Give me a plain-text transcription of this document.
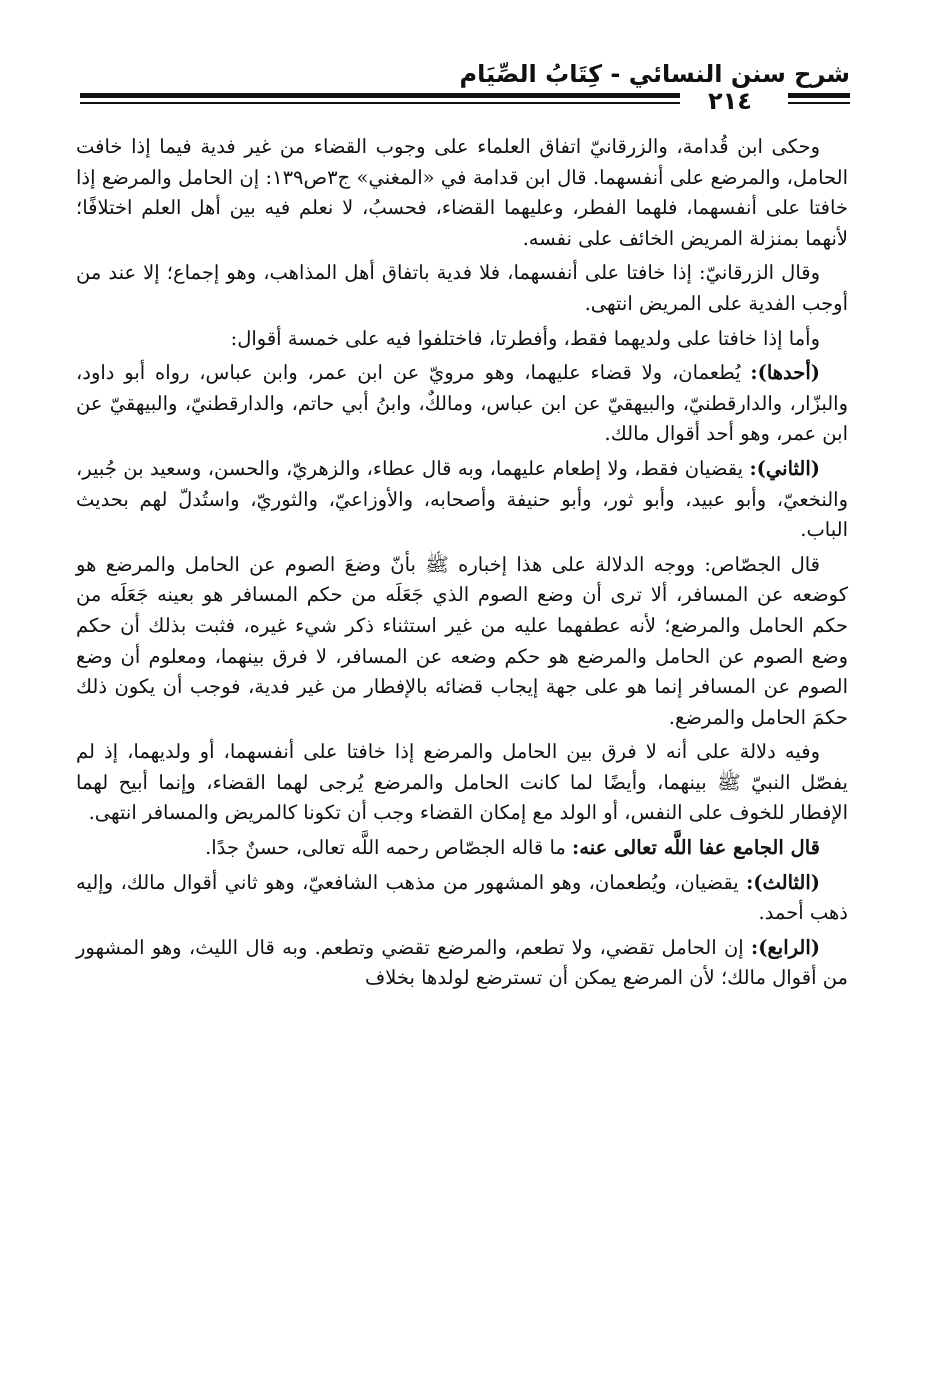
شرح سنن النسائي - كِتَابُ الصِّيَام
٢١٤

وحكى ابن قُدامة، والزرقانيّ اتفاق العلماء على وجوب القضاء من غير فدية فيما إذا خافت الحامل، والمرضع على أنفسهما. قال ابن قدامة في «المغني» ج٣ص١٣٩: إن الحامل والمرضع إذا خافتا على أنفسهما، فلهما الفطر، وعليهما القضاء، فحسبُ، لا نعلم فيه بين أهل العلم اختلافًا؛ لأنهما بمنزلة المريض الخائف على نفسه.

وقال الزرقانيّ: إذا خافتا على أنفسهما، فلا فدية باتفاق أهل المذاهب، وهو إجماع؛ إلا عند من أوجب الفدية على المريض انتهى.

وأما إذا خافتا على ولديهما فقط، وأفطرتا، فاختلفوا فيه على خمسة أقوال:

(أحدها): يُطعمان، ولا قضاء عليهما، وهو مرويّ عن ابن عمر، وابن عباس، رواه أبو داود، والبزّار، والدارقطنيّ، والبيهقيّ عن ابن عباس، ومالكٌ، وابنُ أبي حاتم، والدارقطنيّ، والبيهقيّ عن ابن عمر، وهو أحد أقوال مالك.

(الثاني): يقضيان فقط، ولا إطعام عليهما، وبه قال عطاء، والزهريّ، والحسن، وسعيد بن جُبير، والنخعيّ، وأبو عبيد، وأبو ثور، وأبو حنيفة وأصحابه، والأوزاعيّ، والثوريّ، واستُدلّ لهم بحديث الباب.

قال الجصّاص: ووجه الدلالة على هذا إخباره ﷺ بأنّ وضعَ الصوم عن الحامل والمرضع هو كوضعه عن المسافر، ألا ترى أن وضع الصوم الذي جَعَلَه من حكم المسافر هو بعينه جَعَلَه من حكم الحامل والمرضع؛ لأنه عطفهما عليه من غير استثناء ذكر شيء غيره، فثبت بذلك أن حكم وضع الصوم عن الحامل والمرضع هو حكم وضعه عن المسافر، لا فرق بينهما، ومعلوم أن وضع الصوم عن المسافر إنما هو على جهة إيجاب قضائه بالإفطار من غير فدية، فوجب أن يكون ذلك حكمَ الحامل والمرضع.

وفيه دلالة على أنه لا فرق بين الحامل والمرضع إذا خافتا على أنفسهما، أو ولديهما، إذ لم يفصّل النبيّ ﷺ بينهما، وأيضًا لما كانت الحامل والمرضع يُرجى لهما القضاء، وإنما أبيح لهما الإفطار للخوف على النفس، أو الولد مع إمكان القضاء وجب أن تكونا كالمريض والمسافر انتهى.

قال الجامع عفا اللَّه تعالى عنه: ما قاله الجصّاص رحمه اللَّه تعالى، حسنٌ جدًا.

(الثالث): يقضيان، ويُطعمان، وهو المشهور من مذهب الشافعيّ، وهو ثاني أقوال مالك، وإليه ذهب أحمد.

(الرابع): إن الحامل تقضي، ولا تطعم، والمرضع تقضي وتطعم. وبه قال الليث، وهو المشهور من أقوال مالك؛ لأن المرضع يمكن أن تسترضع لولدها بخلاف
